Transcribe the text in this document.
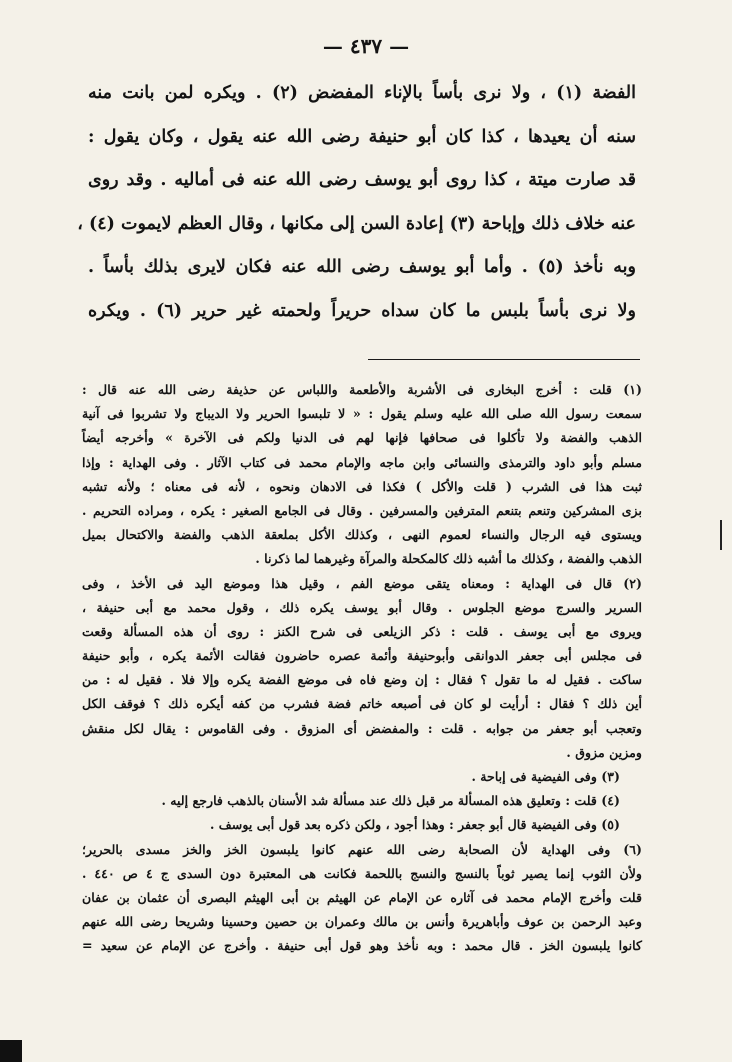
— ٤٣٧ —
الفضة (١) ، ولا نرى بأساً بالإناء المفضض (٢) . ويكره لمن بانت منه
سنه أن يعيدها ، كذا كان أبو حنيفة رضى الله عنه يقول ، وكان يقول :
قد صارت ميتة ، كذا روى أبو يوسف رضى الله عنه فى أماليه . وقد روى
عنه خلاف ذلك وإباحة (٣) إعادة السن إلى مكانها ، وقال العظم لايموت (٤) ،
وبه نأخذ (٥) . وأما أبو يوسف رضى الله عنه فكان لايرى بذلك بأساً .
ولا نرى بأساً بلبس ما كان سداه حريراً ولحمته غير حرير (٦) . ويكره
(١) قلت : أخرج البخارى فى الأشربة والأطعمة واللباس عن حذيفة رضى الله عنه قال :
سمعت رسول الله صلى الله عليه وسلم يقول : « لا تلبسوا الحرير ولا الديباج ولا تشربوا فى آنية
الذهب والفضة ولا تأكلوا فى صحافها فإنها لهم فى الدنيا ولكم فى الآخرة » وأخرجه أيضاً
مسلم وأبو داود والترمذى والنسائى وابن ماجه والإمام محمد فى كتاب الآثار . وفى الهداية : وإذا
ثبت هذا فى الشرب ( قلت والأكل ) فكذا فى الادهان ونحوه ، لأنه فى معناه ؛ ولأنه تشبه
بزى المشركين وتنعم بتنعم المترفين والمسرفين . وقال فى الجامع الصغير : يكره ، ومراده التحريم .
ويستوى فيه الرجال والنساء لعموم النهى ، وكذلك الأكل بملعقة الذهب والفضة والاكتحال بميل
الذهب والفضة ، وكذلك ما أشبه ذلك كالمكحلة والمرآة وغيرهما لما ذكرنا .
(٢) قال فى الهداية : ومعناه يتقى موضع الفم ، وقيل هذا وموضع اليد فى الأخذ ، وفى
السرير والسرج موضع الجلوس . وقال أبو يوسف يكره ذلك ، وقول محمد مع أبى حنيفة ،
ويروى مع أبى يوسف . قلت : ذكر الزيلعى فى شرح الكنز : روى أن هذه المسألة وقعت
فى مجلس أبى جعفر الدوانقى وأبوحنيفة وأئمة عصره حاضرون فقالت الأئمة يكره ، وأبو حنيفة
ساكت . فقيل له ما تقول ؟ فقال : إن وضع فاه فى موضع الفضة يكره وإلا فلا . فقيل له : من
أين ذلك ؟ فقال : أرأيت لو كان فى أصبعه خاتم فضة فشرب من كفه أيكره ذلك ؟ فوقف الكل
وتعجب أبو جعفر من جوابه . قلت : والمفضض أى المزوق . وفى القاموس : يقال لكل منقش
ومزين مزوق .
(٣) وفى الفيضية فى إباحة .
(٤) قلت : وتعليق هذه المسألة مر قبل ذلك عند مسألة شد الأسنان بالذهب فارجع إليه .
(٥) وفى الفيضية قال أبو جعفر : وهذا أجود ، ولكن ذكره بعد قول أبى يوسف .
(٦) وفى الهداية لأن الصحابة رضى الله عنهم كانوا يلبسون الخز والخز مسدى بالحرير؛
ولأن الثوب إنما يصير ثوباً بالنسج والنسج باللحمة فكانت هى المعتبرة دون السدى ج ٤ ص ٤٤٠ .
قلت وأخرج الإمام محمد فى آثاره عن الإمام عن الهيثم بن أبى الهيثم البصرى أن عثمان بن عفان
وعبد الرحمن بن عوف وأباهريرة وأنس بن مالك وعمران بن حصين وحسينا وشريحا رضى الله عنهم
كانوا يلبسون الخز . قال محمد : وبه نأخذ وهو قول أبى حنيفة . وأخرج عن الإمام عن سعيد =
